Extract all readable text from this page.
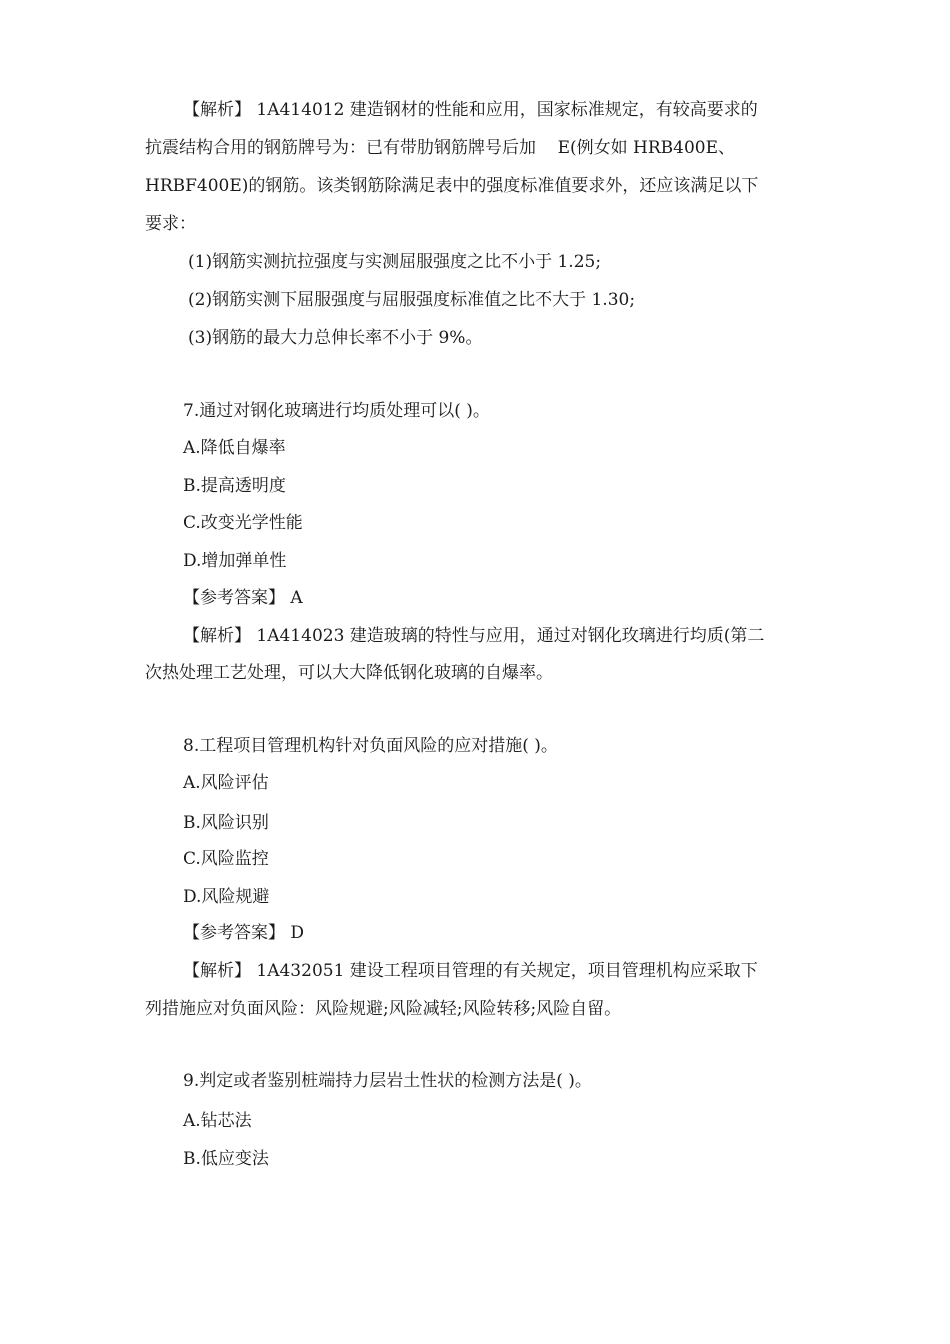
【解析】 1A414012 建造钢材的性能和应用，国家标准规定，有较高要求的
抗震结构合用的钢筋牌号为：已有带肋钢筋牌号后加    E(例女如 HRB400E、
HRBF400E)的钢筋。该类钢筋除满足表中的强度标准值要求外，还应该满足以下
要求：
(1)钢筋实测抗拉强度与实测屈服强度之比不小于 1.25;
(2)钢筋实测下屈服强度与屈服强度标准值之比不大于 1.30;
(3)钢筋的最大力总伸长率不小于 9%。
7.通过对钢化玻璃进行均质处理可以( )。
A.降低自爆率
B.提高透明度
C.改变光学性能
D.增加弹单性
【参考答案】 A
【解析】 1A414023 建造玻璃的特性与应用，通过对钢化玫璃进行均质(第二
次热处理工艺处理，可以大大降低钢化玻璃的自爆率。
8.工程项目管理机构针对负面风险的应对措施( )。
A.风险评估
B.风险识别
C.风险监控
D.风险规避
【参考答案】 D
【解析】 1A432051 建设工程项目管理的有关规定，项目管理机构应采取下
列措施应对负面风险：风险规避;风险减轻;风险转移;风险自留。
9.判定或者鉴别桩端持力层岩土性状的检测方法是( )。
A.钻芯法
B.低应变法
